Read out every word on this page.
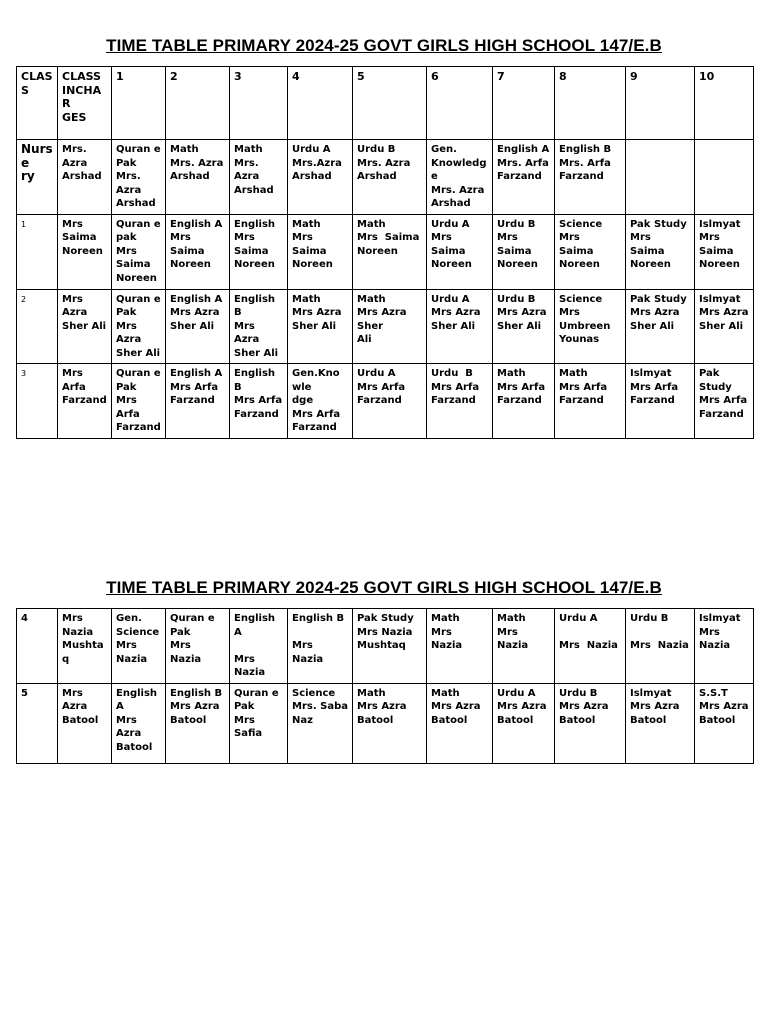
TIME TABLE PRIMARY 2024-25 GOVT GIRLS HIGH SCHOOL 147/E.B
CLASS	CLASS
INCHAR
GES	1	2	3	4	5	6	7	8	9	10

Nurse
ry	Mrs. Azra
Arshad	Quran e
Pak
Mrs.
Azra
Arshad	Math
Mrs. Azra
Arshad	Math
Mrs. Azra
Arshad	Urdu A
Mrs.Azra
Arshad	Urdu B
Mrs. Azra
Arshad	Gen.
Knowledge
Mrs. Azra
Arshad	English A
Mrs. Arfa
Farzand	English B
Mrs. Arfa
Farzand		

1	Mrs
Saima
Noreen	Quran e
pak
Mrs
Saima
Noreen	English A
Mrs  Saima
Noreen	English
Mrs
Saima
Noreen	Math
Mrs  Saima
Noreen	Math
Mrs  Saima
Noreen	Urdu A
Mrs  Saima
Noreen	Urdu B
Mrs
Saima
Noreen	Science
Mrs  Saima
Noreen	Pak Study
Mrs  Saima
Noreen	Islmyat
Mrs
Saima
Noreen

2	Mrs Azra
Sher Ali	Quran e
Pak
Mrs Azra
Sher Ali	English A
Mrs Azra
Sher Ali	English  B
Mrs Azra
Sher Ali	Math
Mrs Azra
Sher Ali	Math
Mrs Azra Sher
Ali	Urdu A
Mrs Azra
Sher Ali	Urdu B
Mrs Azra
Sher Ali	Science
Mrs
Umbreen
Younas	Pak Study
Mrs Azra
Sher Ali	Islmyat
Mrs Azra
Sher Ali

3	Mrs Arfa
Farzand	Quran e
Pak
Mrs Arfa
Farzand	English A
Mrs Arfa
Farzand	English  B
Mrs Arfa
Farzand	Gen.Knowle
dge
Mrs Arfa
Farzand	Urdu A
Mrs Arfa
Farzand	Urdu  B
Mrs Arfa
Farzand	Math
Mrs Arfa
Farzand	Math
Mrs Arfa
Farzand	Islmyat
Mrs Arfa
Farzand	Pak Study
Mrs Arfa
Farzand
TIME TABLE PRIMARY 2024-25 GOVT GIRLS HIGH SCHOOL 147/E.B
4	Mrs
Nazia
Mushtaq	Gen.
Science
Mrs
Nazia	Quran e
Pak
Mrs  Nazia	English A

Mrs
Nazia	English B

Mrs  Nazia	Pak Study
Mrs Nazia
Mushtaq	Math
Mrs  Nazia	Math
Mrs  Nazia	Urdu A

Mrs  Nazia	Urdu B

Mrs  Nazia	Islmyat
Mrs
Nazia

5	Mrs Azra
Batool	English A
Mrs Azra
Batool	English B
Mrs Azra
Batool	Quran e
Pak
Mrs Safia	Science
Mrs. Saba
Naz	Math
Mrs Azra
Batool	Math
Mrs Azra
Batool	Urdu A
Mrs Azra
Batool	Urdu B
Mrs Azra
Batool	Islmyat
Mrs Azra
Batool	S.S.T
Mrs Azra
Batool
